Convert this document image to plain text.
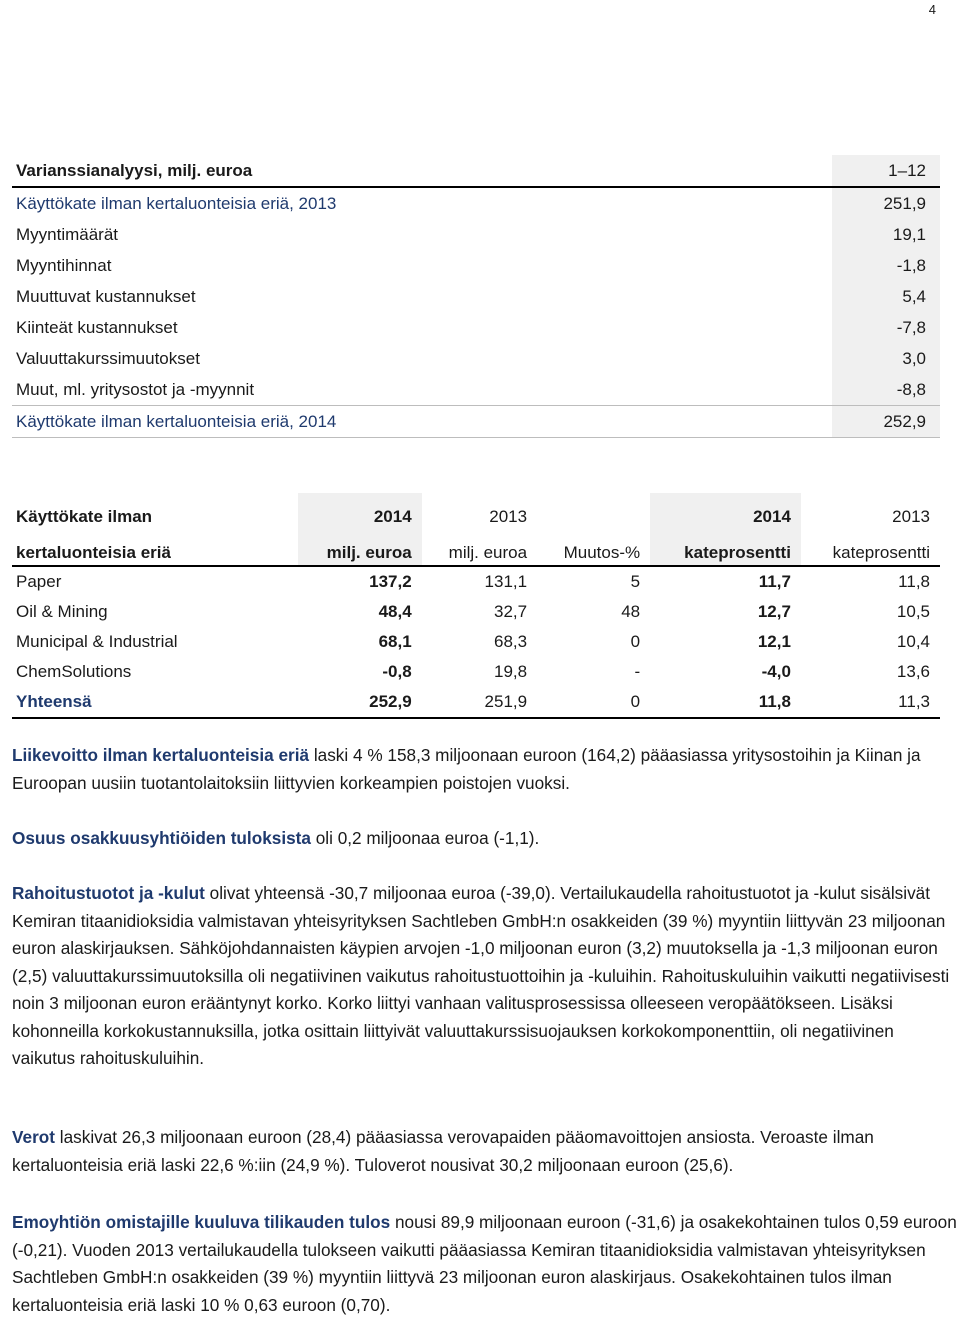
4
Varianssianalyysi, milj. euroa	1–12
Käyttökate ilman kertaluonteisia eriä, 2013	251,9
Myyntimäärät	19,1
Myyntihinnat	-1,8
Muuttuvat kustannukset	5,4
Kiinteät kustannukset	-7,8
Valuuttakurssimuutokset	3,0
Muut, ml. yritysostot ja -myynnit	-8,8
Käyttökate ilman kertaluonteisia eriä, 2014	252,9
Käyttökate ilman	2014	2013		2014	2013
kertaluonteisia eriä	milj. euroa	milj. euroa	Muutos-%	kateprosentti	kateprosentti
Paper	137,2	131,1	5	11,7	11,8
Oil & Mining	48,4	32,7	48	12,7	10,5
Municipal & Industrial	68,1	68,3	0	12,1	10,4
ChemSolutions	-0,8	19,8	-	-4,0	13,6
Yhteensä	252,9	251,9	0	11,8	11,3

Liikevoitto ilman kertaluonteisia eriä laski 4 % 158,3 miljoonaan euroon (164,2) pääasiassa yritysostoihin ja Kiinan ja Euroopan uusiin tuotantolaitoksiin liittyvien korkeampien poistojen vuoksi.

Osuus osakkuusyhtiöiden tuloksista oli 0,2 miljoonaa euroa (-1,1).

Rahoitustuotot ja -kulut olivat yhteensä -30,7 miljoonaa euroa (-39,0). Vertailukaudella rahoitustuotot ja -kulut sisälsivät Kemiran titaanidioksidia valmistavan yhteisyrityksen Sachtleben GmbH:n osakkeiden (39 %) myyntiin liittyvän 23 miljoonan euron alaskirjauksen. Sähköjohdannaisten käypien arvojen -1,0 miljoonan euron (3,2) muutoksella ja -1,3 miljoonan euron (2,5) valuuttakurssimuutoksilla oli negatiivinen vaikutus rahoitustuottoihin ja -kuluihin. Rahoituskuluihin vaikutti negatiivisesti noin 3 miljoonan euron erääntynyt korko. Korko liittyi vanhaan valitusprosessissa olleeseen veropäätökseen. Lisäksi kohonneilla korkokustannuksilla, jotka osittain liittyivät valuuttakurssisuojauksen korkokomponenttiin, oli negatiivinen vaikutus rahoituskuluihin.

Verot laskivat 26,3 miljoonaan euroon (28,4) pääasiassa verovapaiden pääomavoittojen ansiosta. Veroaste ilman kertaluonteisia eriä laski 22,6 %:iin (24,9 %). Tuloverot nousivat 30,2 miljoonaan euroon (25,6).

Emoyhtiön omistajille kuuluva tilikauden tulos nousi 89,9 miljoonaan euroon (-31,6) ja osakekohtainen tulos 0,59 euroon (-0,21). Vuoden 2013 vertailukaudella tulokseen vaikutti pääasiassa Kemiran titaanidioksidia valmistavan yhteisyrityksen Sachtleben GmbH:n osakkeiden (39 %) myyntiin liittyvä 23 miljoonan euron alaskirjaus. Osakekohtainen tulos ilman kertaluonteisia eriä laski 10 % 0,63 euroon (0,70).
